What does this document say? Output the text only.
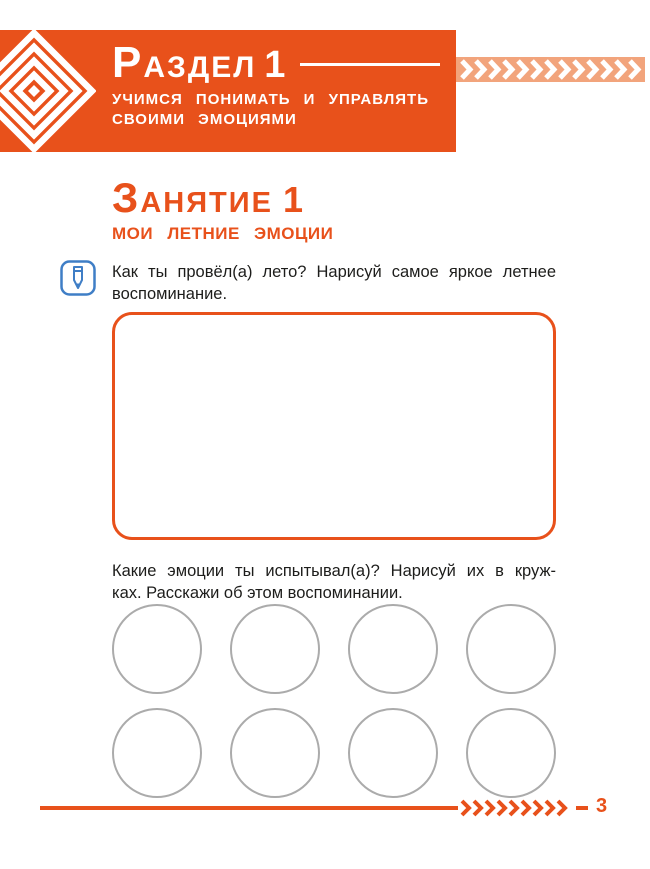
РАЗДЕЛ 1
УЧИМСЯ ПОНИМАТЬ И УПРАВЛЯТЬ
СВОИМИ ЭМОЦИЯМИ
ЗАНЯТИЕ 1
МОИ ЛЕТНИЕ ЭМОЦИИ

Как ты провёл(а) лето? Нарисуй самое яркое летнее

воспоминание.

Какие эмоции ты испытывал(а)? Нарисуй их в круж-

ках. Расскажи об этом воспоминании.

3
